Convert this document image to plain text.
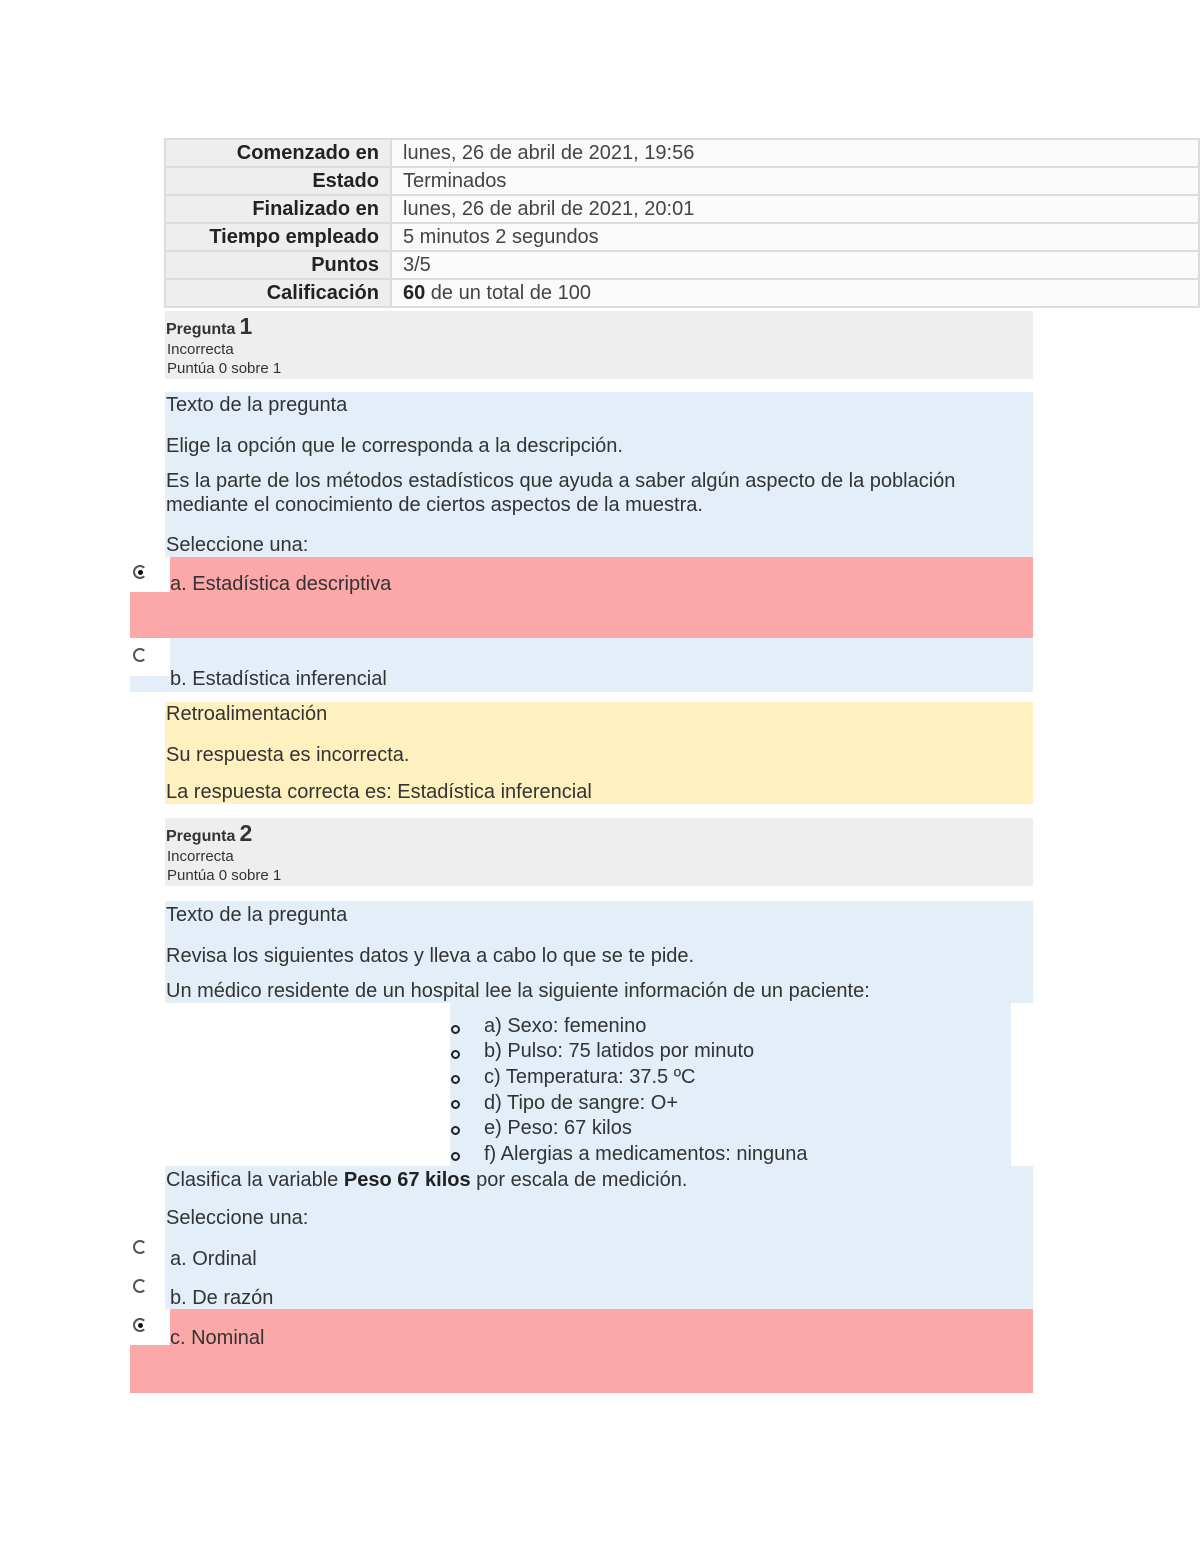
Comenzado en	lunes, 26 de abril de 2021, 19:56
Estado	Terminados
Finalizado en	lunes, 26 de abril de 2021, 20:01
Tiempo empleado	5 minutos 2 segundos
Puntos	3/5
Calificación	60 de un total de 100
Pregunta 1
Incorrecta
Puntúa 0 sobre 1
Texto de la pregunta
Elige la opción que le corresponda a la descripción.
Es la parte de los métodos estadísticos que ayuda a saber algún aspecto de la población
mediante el conocimiento de ciertos aspectos de la muestra.
Seleccione una:
a. Estadística descriptiva
b. Estadística inferencial
Retroalimentación
Su respuesta es incorrecta.
La respuesta correcta es: Estadística inferencial
Pregunta 2
Incorrecta
Puntúa 0 sobre 1
Texto de la pregunta
Revisa los siguientes datos y lleva a cabo lo que se te pide.
Un médico residente de un hospital lee la siguiente información de un paciente:
a) Sexo: femenino
b) Pulso: 75 latidos por minuto
c) Temperatura: 37.5 ºC
d) Tipo de sangre: O+
e) Peso: 67 kilos
f) Alergias a medicamentos: ninguna
Clasifica la variable Peso 67 kilos por escala de medición.
Seleccione una:
a. Ordinal
b. De razón
c. Nominal
